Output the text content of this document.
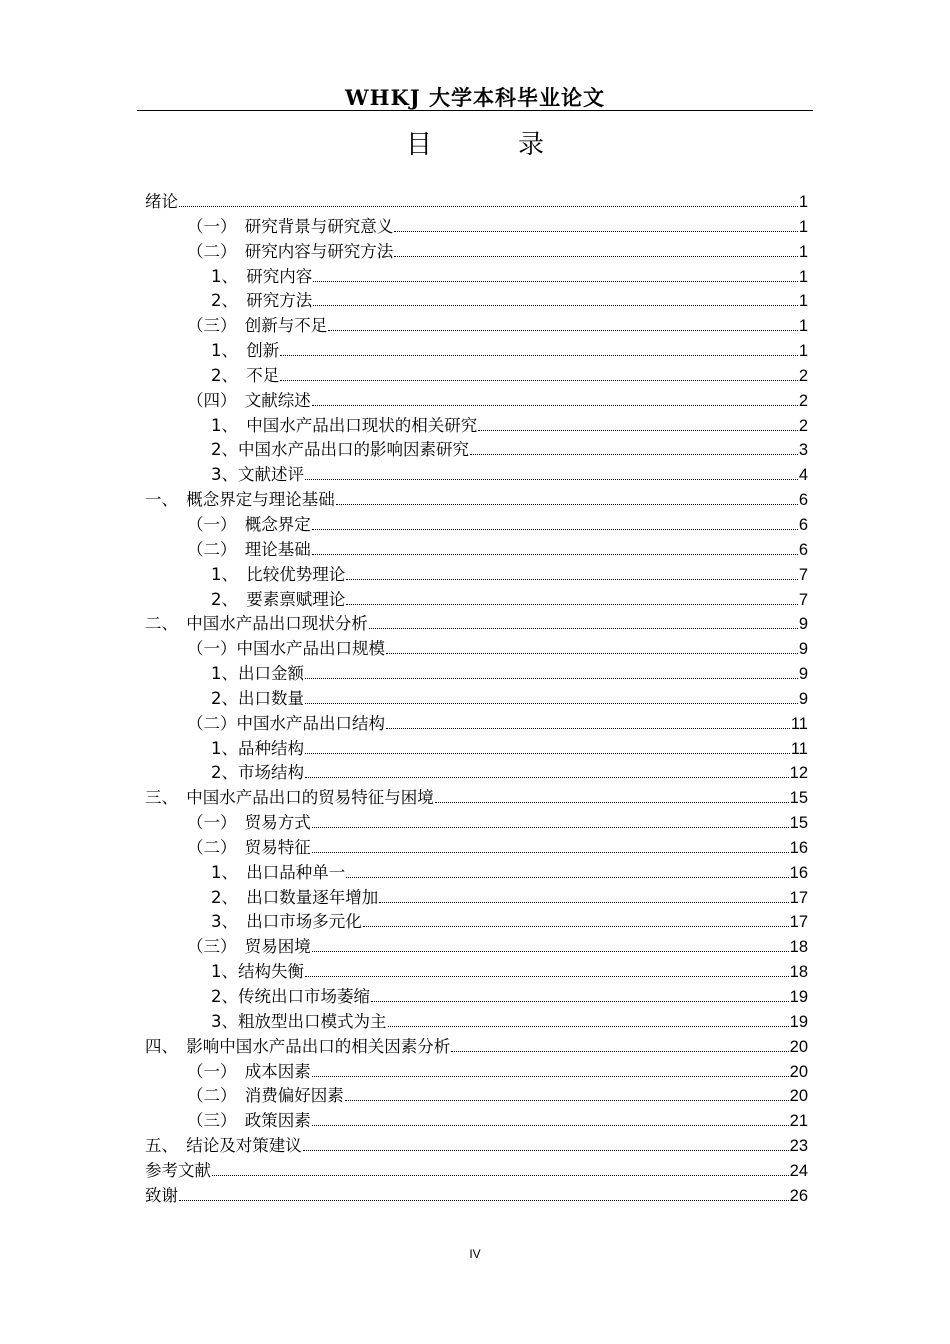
WHKJ 大学本科毕业论文
目　录
绪论	1
（一）　研究背景与研究意义	1
（二）　研究内容与研究方法	1
1、　研究内容	1
2、　研究方法	1
（三）　创新与不足	1
1、　创新	1
2、　不足	2
（四）　文献综述	2
1、　中国水产品出口现状的相关研究	2
2、中国水产品出口的影响因素研究	3
3、文献述评	4
一、　概念界定与理论基础	6
（一）　概念界定	6
（二）　理论基础	6
1、　比较优势理论	7
2、　要素禀赋理论	7
二、　中国水产品出口现状分析	9
（一）中国水产品出口规模	9
1、出口金额	9
2、出口数量	9
（二）中国水产品出口结构	11
1、品种结构	11
2、市场结构	12
三、　中国水产品出口的贸易特征与困境	15
（一）　贸易方式	15
（二）　贸易特征	16
1、　出口品种单一	16
2、　出口数量逐年增加	17
3、　出口市场多元化	17
（三）　贸易困境	18
1、结构失衡	18
2、传统出口市场萎缩	19
3、粗放型出口模式为主	19
四、　影响中国水产品出口的相关因素分析	20
（一）　成本因素	20
（二）　消费偏好因素	20
（三）　政策因素	21
五、　结论及对策建议	23
参考文献	24
致谢	26
IV
